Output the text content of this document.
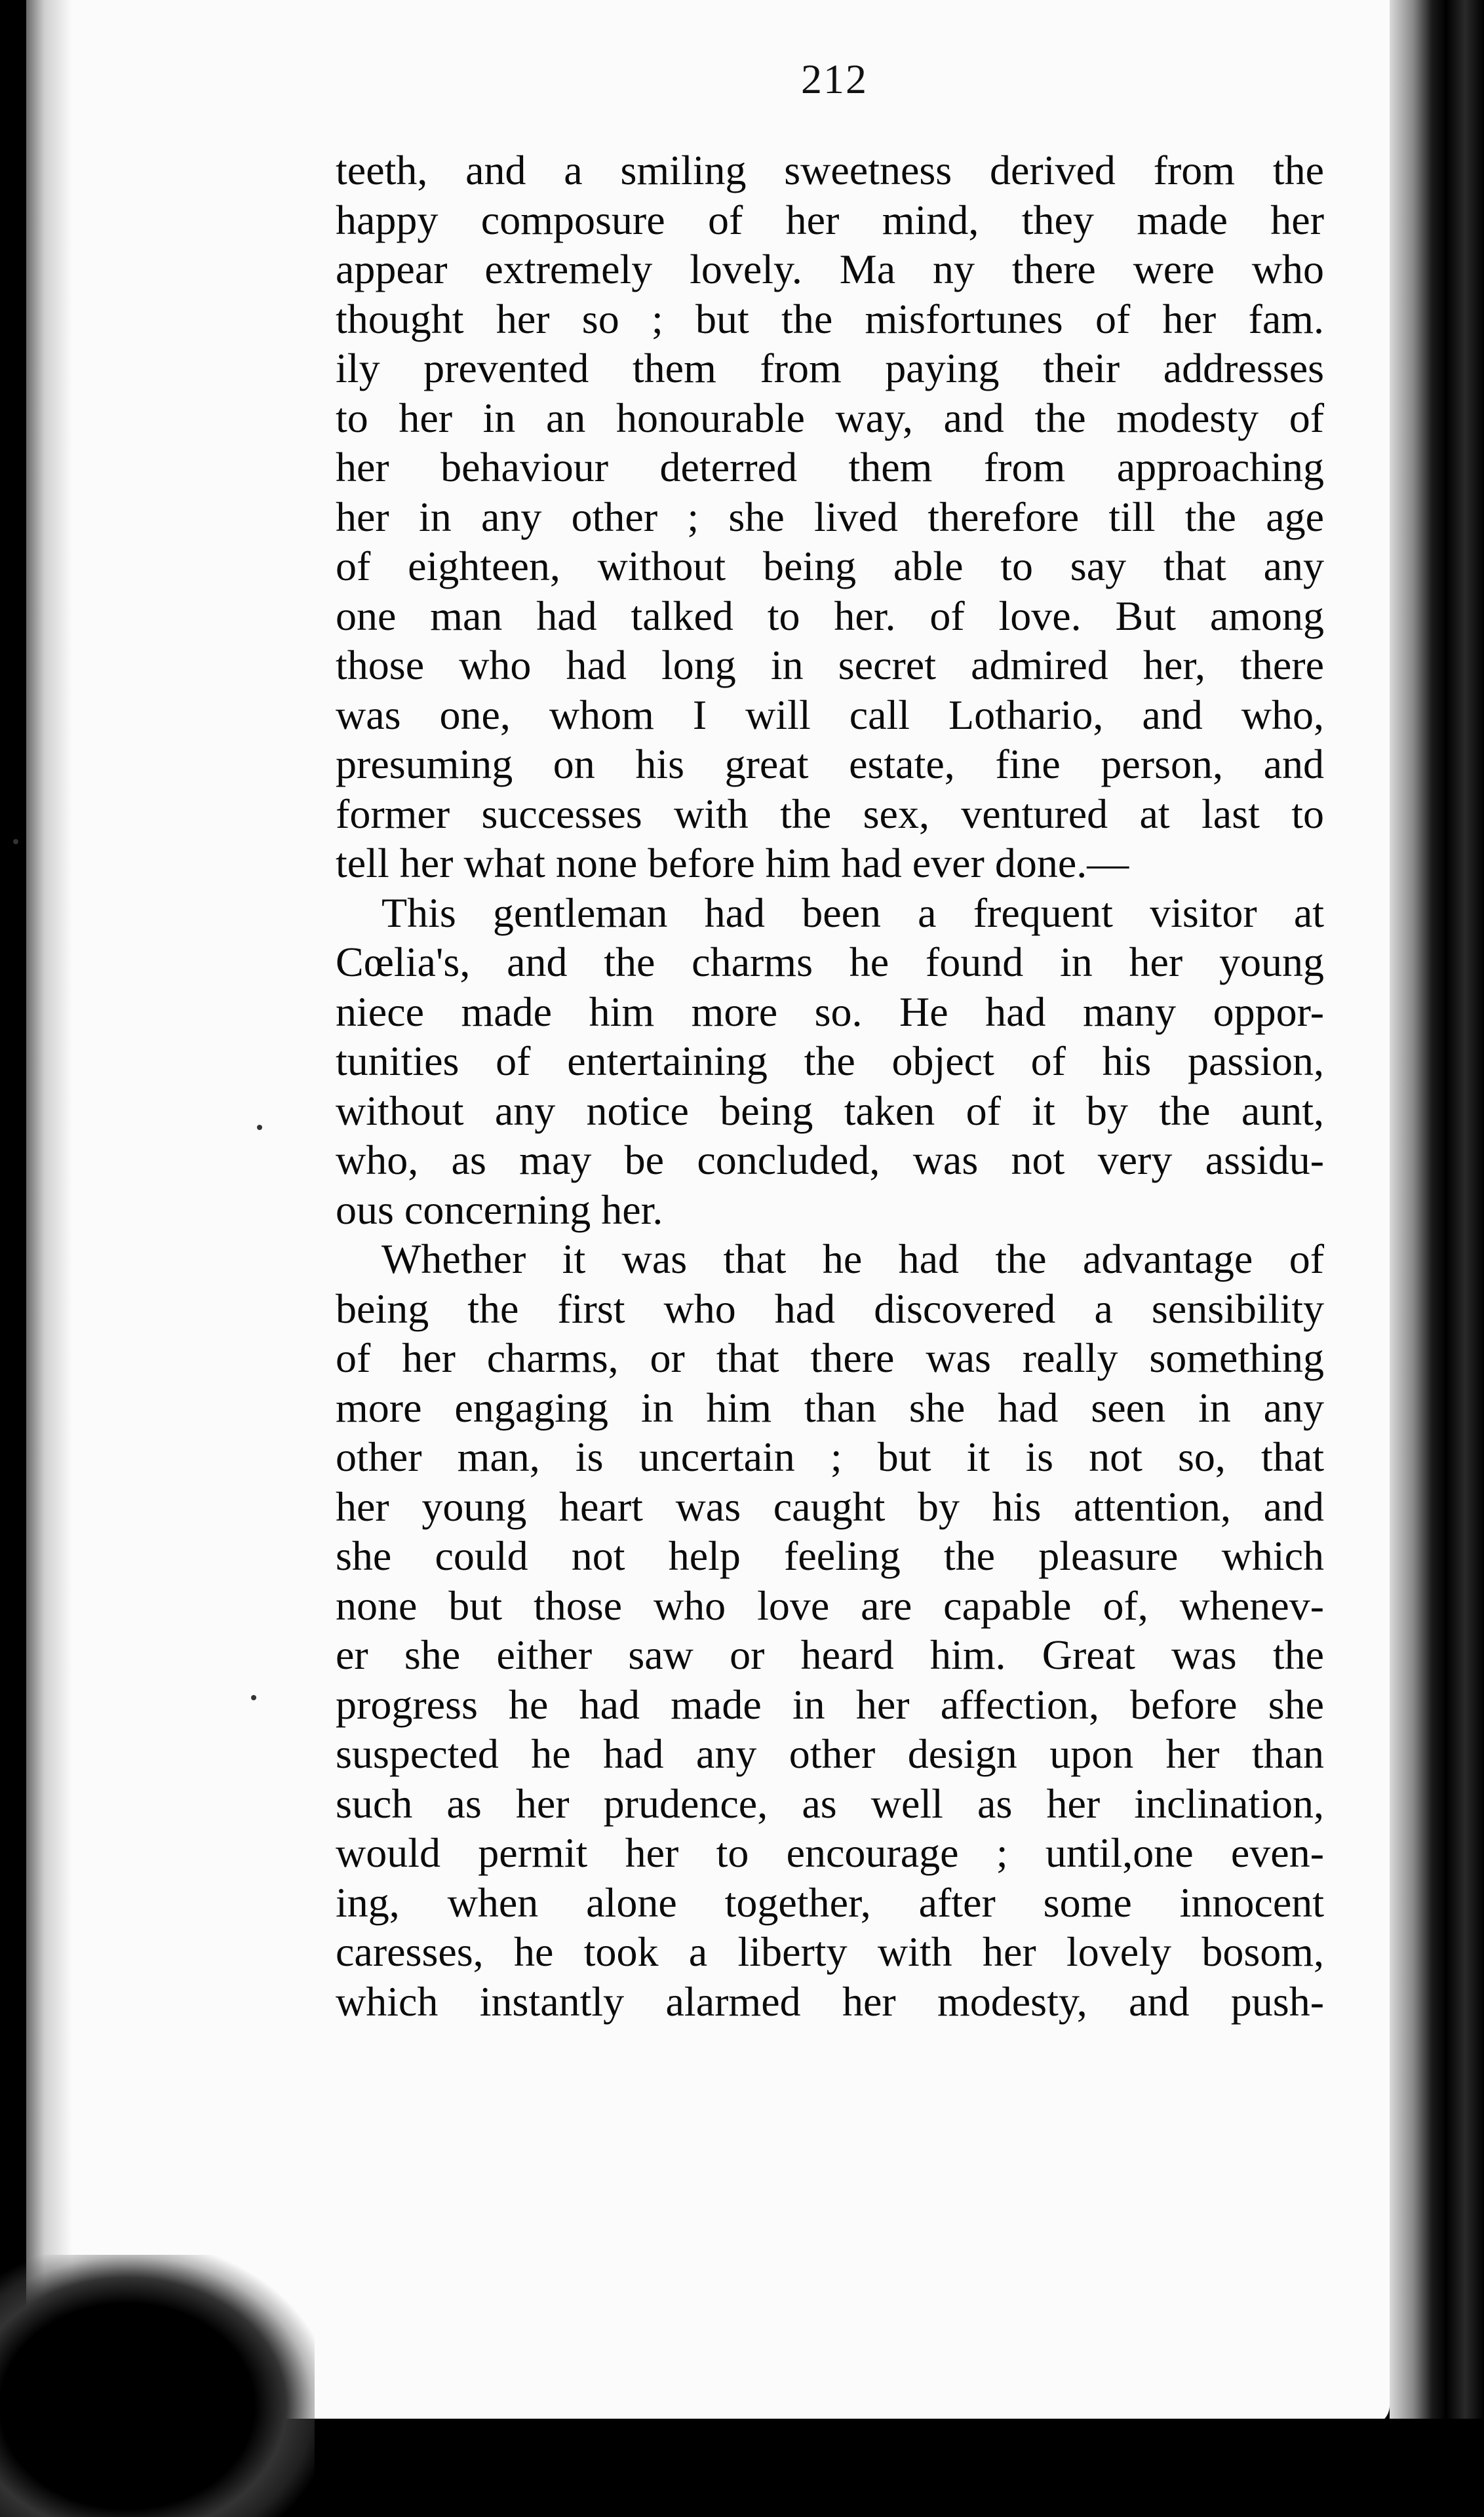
212
teeth, and a smiling sweetness derived from the
happy composure of her mind, they made her
appear extremely lovely. Ma ny there were who
thought her so ; but the misfortunes of her fam.
ily prevented them from paying their addresses
to her in an honourable way, and the modesty of
her behaviour deterred them from approaching
her in any other ; she lived therefore till the age
of eighteen, without being able to say that any
one man had talked to her. of love. But among
those who had long in secret admired her, there
was one, whom I will call Lothario, and who,
presuming on his great estate, fine person, and
former successes with the sex, ventured at last to
tell her what none before him had ever done.—
This gentleman had been a frequent visitor at
Cœlia's, and the charms he found in her young
niece made him more so. He had many oppor-
tunities of entertaining the object of his passion,
without any notice being taken of it by the aunt,
who, as may be concluded, was not very assidu-
ous concerning her.
Whether it was that he had the advantage of
being the first who had discovered a sensibility
of her charms, or that there was really something
more engaging in him than she had seen in any
other man, is uncertain ; but it is not so, that
her young heart was caught by his attention, and
she could not help feeling the pleasure which
none but those who love are capable of, whenev-
er she either saw or heard him. Great was the
progress he had made in her affection, before she
suspected he had any other design upon her than
such as her prudence, as well as her inclination,
would permit her to encourage ; until,one even-
ing, when alone together, after some innocent
caresses, he took a liberty with her lovely bosom,
which instantly alarmed her modesty, and push-
